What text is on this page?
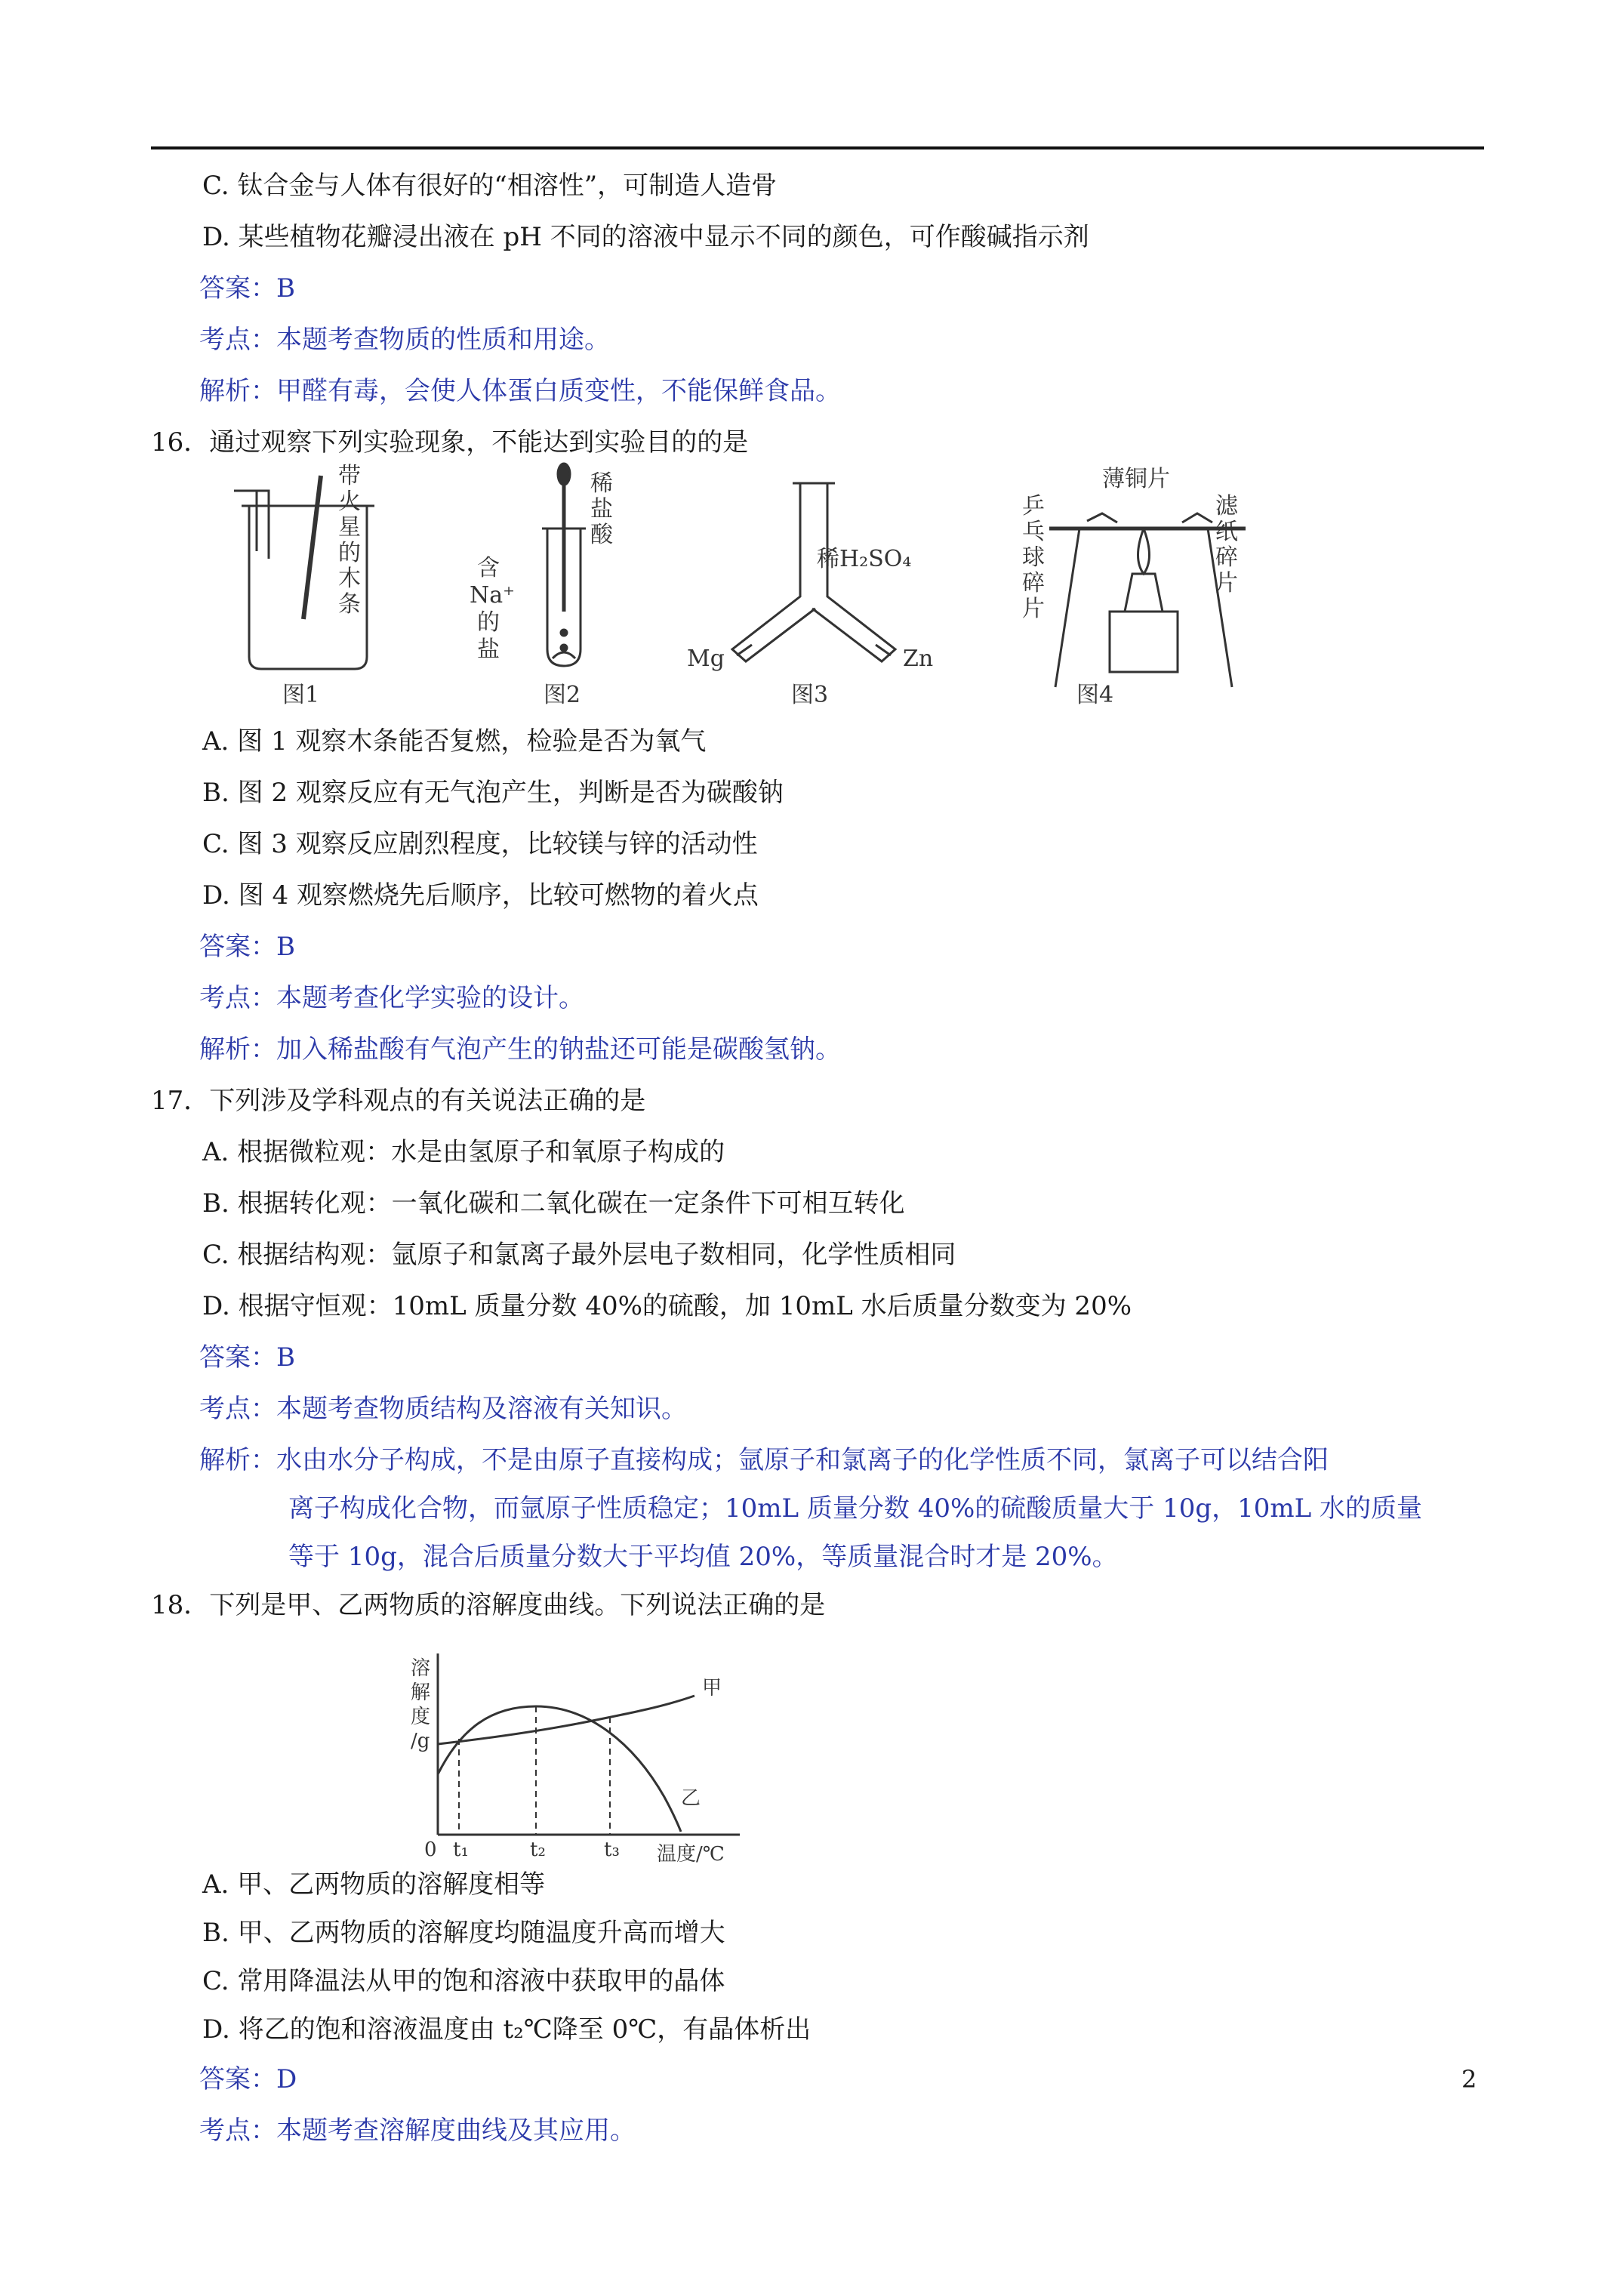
C. 钛合金与人体有很好的“相溶性”，可制造人造骨
D. 某些植物花瓣浸出液在 pH 不同的溶液中显示不同的颜色，可作酸碱指示剂
答案：B
考点：本题考查物质的性质和用途。
解析：甲醛有毒，会使人体蛋白质变性，不能保鲜食品。
16．通过观察下列实验现象，不能达到实验目的的是
带火星的木条
图1
稀盐酸
含 Na⁺的盐
图2
稀H₂SO₄
Mg	Zn
图3
薄铜片
乒乓球碎片
滤纸碎片
图4
A. 图 1 观察木条能否复燃，检验是否为氧气
B. 图 2 观察反应有无气泡产生，判断是否为碳酸钠
C. 图 3 观察反应剧烈程度，比较镁与锌的活动性
D. 图 4 观察燃烧先后顺序，比较可燃物的着火点
答案：B
考点：本题考查化学实验的设计。
解析：加入稀盐酸有气泡产生的钠盐还可能是碳酸氢钠。
17．下列涉及学科观点的有关说法正确的是
A. 根据微粒观：水是由氢原子和氧原子构成的
B. 根据转化观：一氧化碳和二氧化碳在一定条件下可相互转化
C. 根据结构观：氩原子和氯离子最外层电子数相同，化学性质相同
D. 根据守恒观：10mL 质量分数 40%的硫酸，加 10mL 水后质量分数变为 20%
答案：B
考点：本题考查物质结构及溶液有关知识。
解析：水由水分子构成，不是由原子直接构成；氩原子和氯离子的化学性质不同，氯离子可以结合阳
离子构成化合物，而氩原子性质稳定；10mL 质量分数 40%的硫酸质量大于 10g，10mL 水的质量
等于 10g，混合后质量分数大于平均值 20%，等质量混合时才是 20%。
18．下列是甲、乙两物质的溶解度曲线。下列说法正确的是
溶解度/g
0 t₁	t₂	t₃ 温度/℃
甲
乙
A. 甲、乙两物质的溶解度相等
B. 甲、乙两物质的溶解度均随温度升高而增大
C. 常用降温法从甲的饱和溶液中获取甲的晶体
D. 将乙的饱和溶液温度由 t₂℃降至 0℃，有晶体析出
答案：D
考点：本题考查溶解度曲线及其应用。
2
